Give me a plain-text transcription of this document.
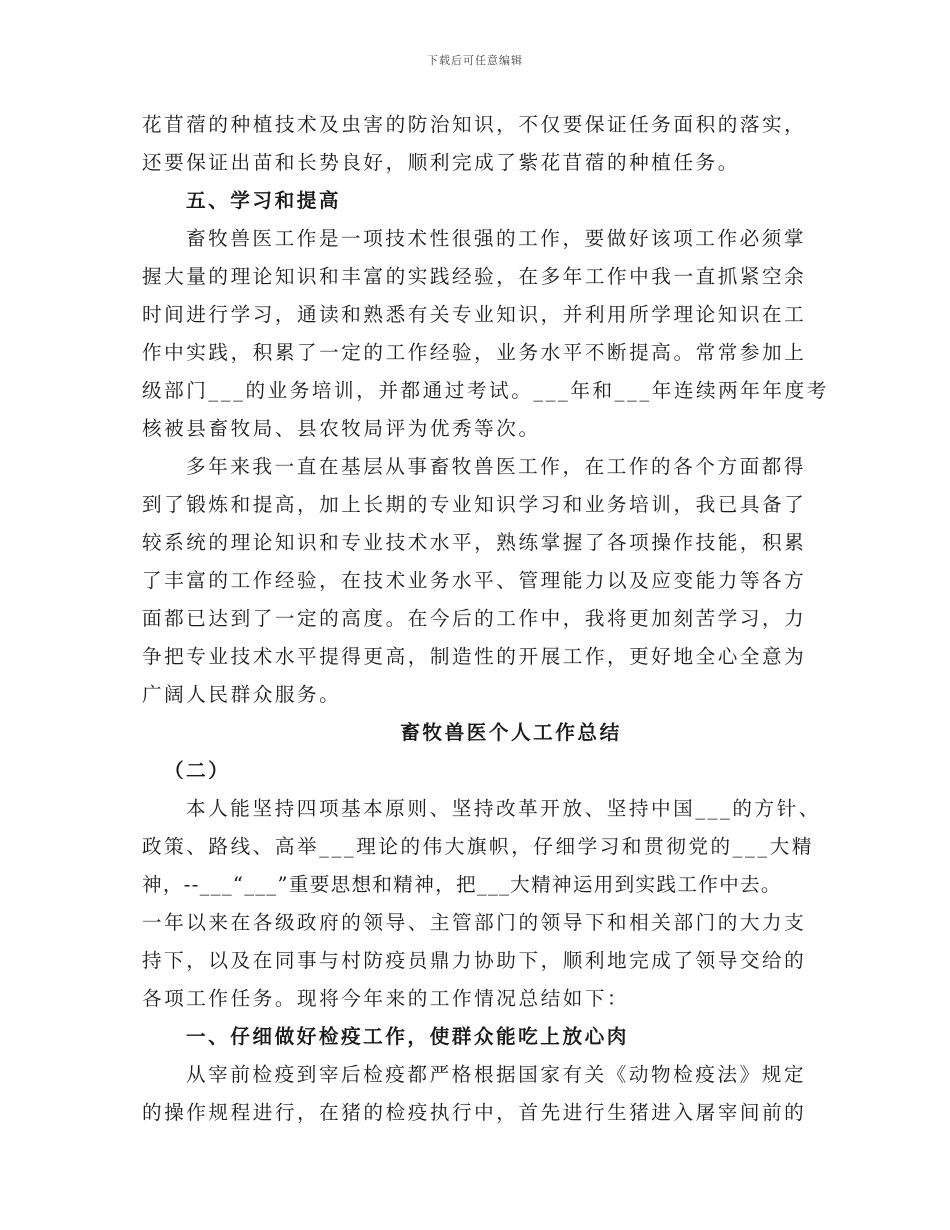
下载后可任意编辑
花苜蓿的种植技术及虫害的防治知识，不仅要保证任务面积的落实，
还要保证出苗和长势良好，顺利完成了紫花苜蓿的种植任务。
五、学习和提高
畜牧兽医工作是一项技术性很强的工作，要做好该项工作必须掌
握大量的理论知识和丰富的实践经验，在多年工作中我一直抓紧空余
时间进行学习，通读和熟悉有关专业知识，并利用所学理论知识在工
作中实践，积累了一定的工作经验，业务水平不断提高。常常参加上
级部门___的业务培训，并都通过考试。___年和___年连续两年年度考
核被县畜牧局、县农牧局评为优秀等次。
多年来我一直在基层从事畜牧兽医工作，在工作的各个方面都得
到了锻炼和提高，加上长期的专业知识学习和业务培训，我已具备了
较系统的理论知识和专业技术水平，熟练掌握了各项操作技能，积累
了丰富的工作经验，在技术业务水平、管理能力以及应变能力等各方
面都已达到了一定的高度。在今后的工作中，我将更加刻苦学习，力
争把专业技术水平提得更高，制造性的开展工作，更好地全心全意为
广阔人民群众服务。
畜牧兽医个人工作总结
（二）
本人能坚持四项基本原则、坚持改革开放、坚持中国___的方针、
政策、路线、高举___理论的伟大旗帜，仔细学习和贯彻党的___大精
神，--___“___”重要思想和精神，把___大精神运用到实践工作中去。
一年以来在各级政府的领导、主管部门的领导下和相关部门的大力支
持下，以及在同事与村防疫员鼎力协助下，顺利地完成了领导交给的
各项工作任务。现将今年来的工作情况总结如下：
一、仔细做好检疫工作，使群众能吃上放心肉
从宰前检疫到宰后检疫都严格根据国家有关《动物检疫法》规定
的操作规程进行，在猪的检疫执行中，首先进行生猪进入屠宰间前的
